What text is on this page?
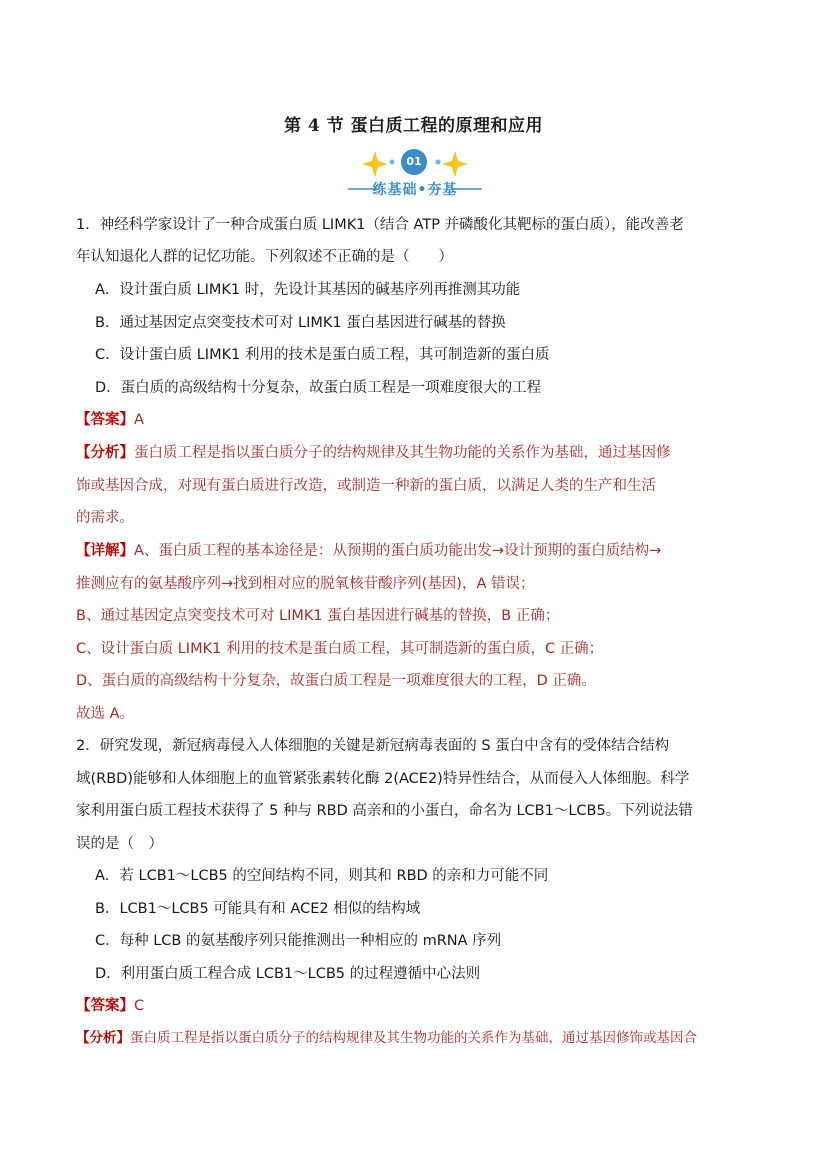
第 4 节 蛋白质工程的原理和应用
01
练基础•夯基
1．神经科学家设计了一种合成蛋白质 LIMK1（结合 ATP 并磷酸化其靶标的蛋白质），能改善老
年认知退化人群的记忆功能。下列叙述不正确的是（　　）
A．设计蛋白质 LIMK1 时，先设计其基因的碱基序列再推测其功能
B．通过基因定点突变技术可对 LIMK1 蛋白基因进行碱基的替换
C．设计蛋白质 LIMK1 利用的技术是蛋白质工程，其可制造新的蛋白质
D．蛋白质的高级结构十分复杂，故蛋白质工程是一项难度很大的工程
【答案】A
【分析】蛋白质工程是指以蛋白质分子的结构规律及其生物功能的关系作为基础，通过基因修
饰或基因合成，对现有蛋白质进行改造，或制造一种新的蛋白质，以满足人类的生产和生活
的需求。
【详解】A、蛋白质工程的基本途径是：从预期的蛋白质功能出发→设计预期的蛋白质结构→
推测应有的氨基酸序列→找到相对应的脱氧核苷酸序列(基因)，A 错误；
B、通过基因定点突变技术可对 LIMK1 蛋白基因进行碱基的替换，B 正确；
C、设计蛋白质 LIMK1 利用的技术是蛋白质工程，其可制造新的蛋白质，C 正确；
D、蛋白质的高级结构十分复杂，故蛋白质工程是一项难度很大的工程，D 正确。
故选 A。
2．研究发现，新冠病毒侵入人体细胞的关键是新冠病毒表面的 S 蛋白中含有的受体结合结构
域(RBD)能够和人体细胞上的血管紧张素转化酶 2(ACE2)特异性结合，从而侵入人体细胞。科学
家利用蛋白质工程技术获得了 5 种与 RBD 高亲和的小蛋白，命名为 LCB1～LCB5。下列说法错
误的是（　）
A．若 LCB1～LCB5 的空间结构不同，则其和 RBD 的亲和力可能不同
B．LCB1～LCB5 可能具有和 ACE2 相似的结构域
C．每种 LCB 的氨基酸序列只能推测出一种相应的 mRNA 序列
D．利用蛋白质工程合成 LCB1～LCB5 的过程遵循中心法则
【答案】C
【分析】蛋白质工程是指以蛋白质分子的结构规律及其生物功能的关系作为基础，通过基因修饰或基因合
